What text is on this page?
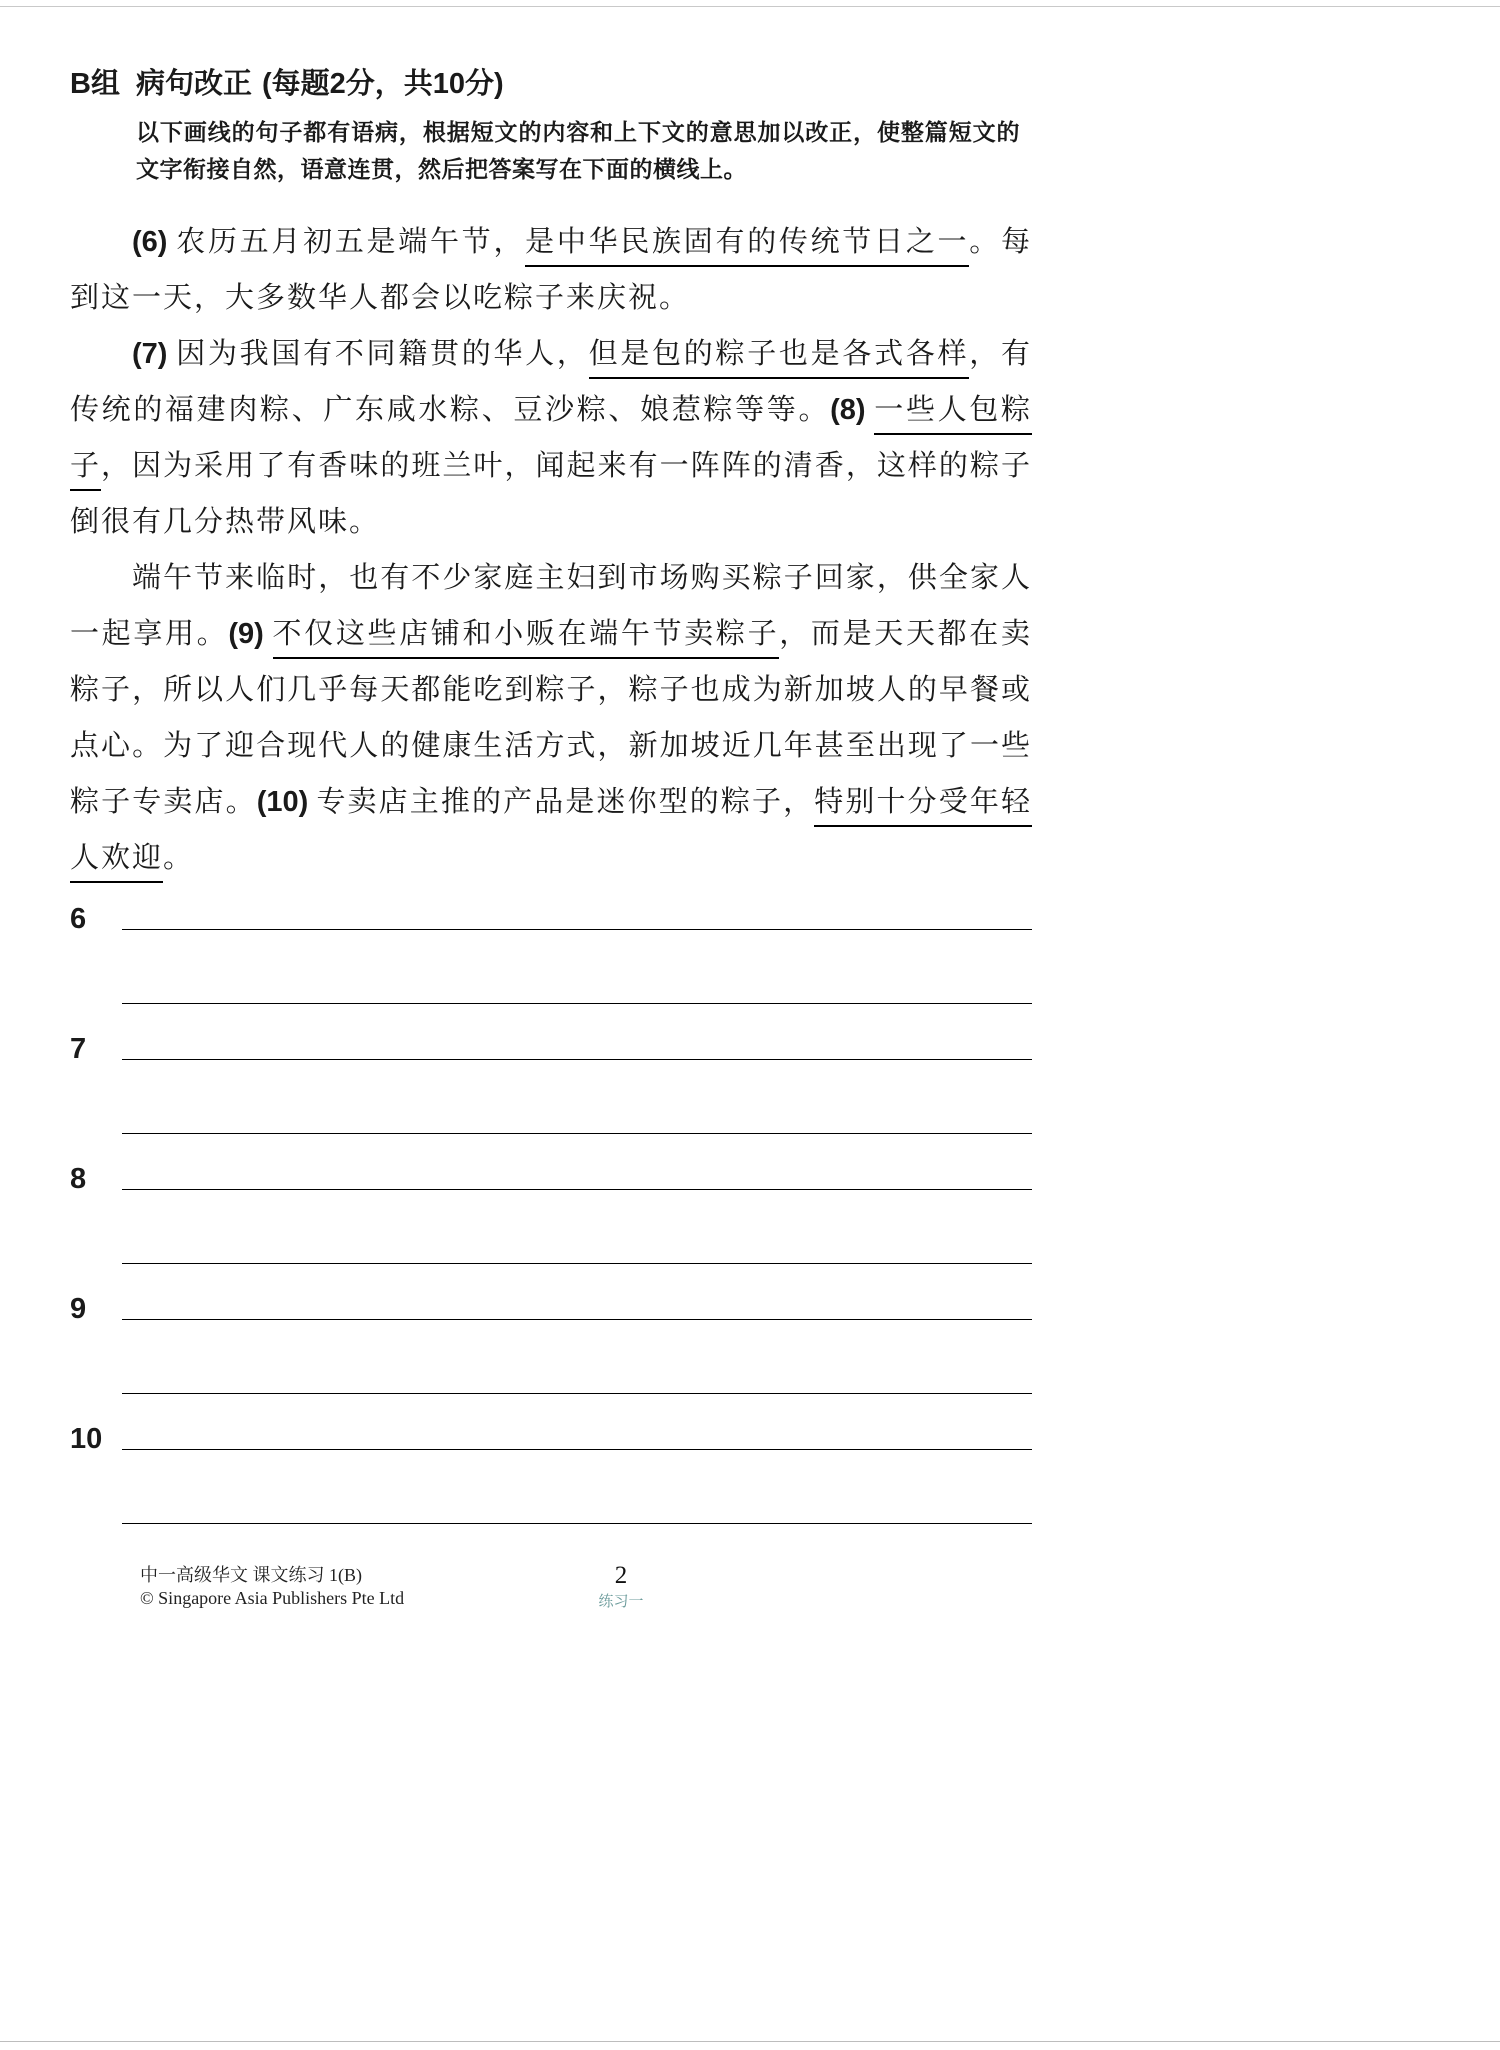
B组 病句改正 (每题2分，共10分)
以下画线的句子都有语病，根据短文的内容和上下文的意思加以改正，使整篇短文的文字衔接自然，语意连贯，然后把答案写在下面的横线上。

(6) 农历五月初五是端午节，是中华民族固有的传统节日之一。每到这一天，大多数华人都会以吃粽子来庆祝。

(7) 因为我国有不同籍贯的华人，但是包的粽子也是各式各样，有传统的福建肉粽、广东咸水粽、豆沙粽、娘惹粽等等。(8) 一些人包粽子，因为采用了有香味的班兰叶，闻起来有一阵阵的清香，这样的粽子倒很有几分热带风味。

端午节来临时，也有不少家庭主妇到市场购买粽子回家，供全家人一起享用。(9) 不仅这些店铺和小贩在端午节卖粽子，而是天天都在卖粽子，所以人们几乎每天都能吃到粽子，粽子也成为新加坡人的早餐或点心。为了迎合现代人的健康生活方式，新加坡近几年甚至出现了一些粽子专卖店。(10) 专卖店主推的产品是迷你型的粽子，特别十分受年轻人欢迎。

6
7
8
9
10
中一高级华文 课文练习 1(B)
© Singapore Asia Publishers Pte Ltd
2
练习一
